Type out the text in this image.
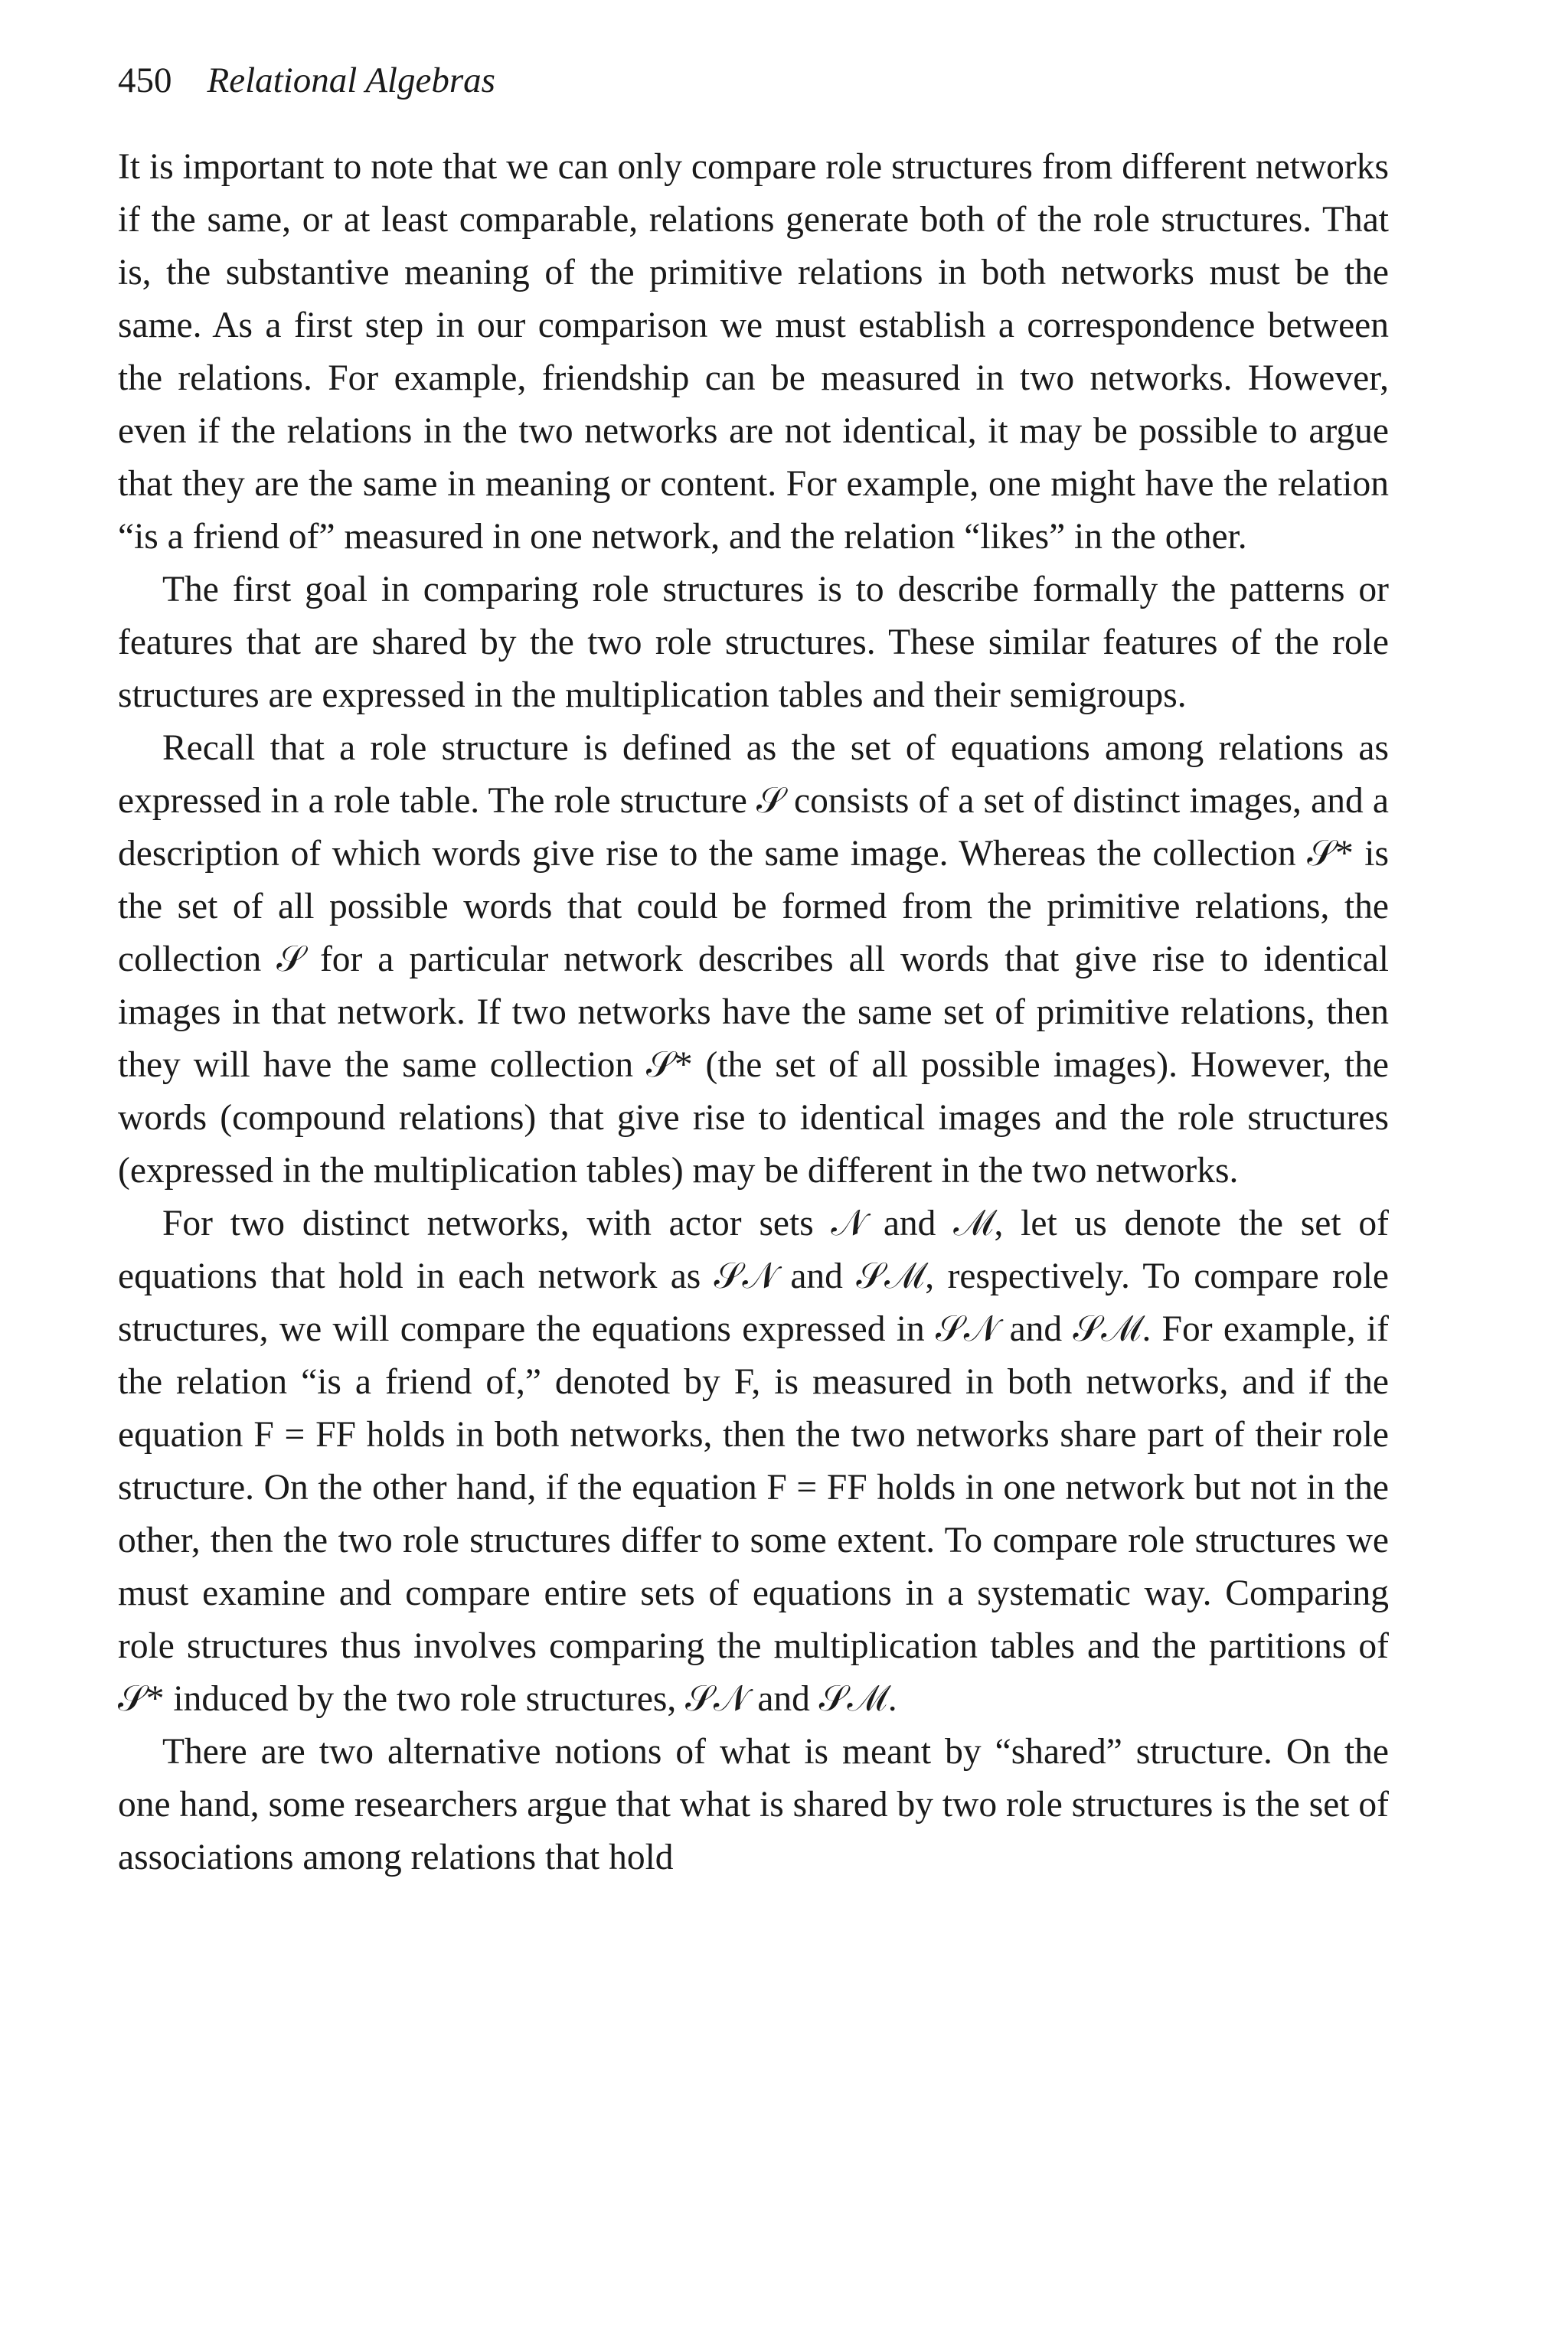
450 Relational Algebras

It is important to note that we can only compare role structures from different networks if the same, or at least comparable, relations generate both of the role structures. That is, the substantive meaning of the primitive relations in both networks must be the same. As a first step in our comparison we must establish a correspondence between the relations. For example, friendship can be measured in two networks. However, even if the relations in the two networks are not identical, it may be possible to argue that they are the same in meaning or content. For example, one might have the relation “is a friend of” measured in one network, and the relation “likes” in the other.

The first goal in comparing role structures is to describe formally the patterns or features that are shared by the two role structures. These similar features of the role structures are expressed in the multiplication tables and their semigroups.

Recall that a role structure is defined as the set of equations among relations as expressed in a role table. The role structure 𝒮 consists of a set of distinct images, and a description of which words give rise to the same image. Whereas the collection 𝒮* is the set of all possible words that could be formed from the primitive relations, the collection 𝒮 for a particular network describes all words that give rise to identical images in that network. If two networks have the same set of primitive relations, then they will have the same collection 𝒮* (the set of all possible images). However, the words (compound relations) that give rise to identical images and the role structures (expressed in the multiplication tables) may be different in the two networks.

For two distinct networks, with actor sets 𝒩 and ℳ, let us denote the set of equations that hold in each network as 𝒮𝒩 and 𝒮ℳ, respectively. To compare role structures, we will compare the equations expressed in 𝒮𝒩 and 𝒮ℳ. For example, if the relation “is a friend of,” denoted by F, is measured in both networks, and if the equation F = FF holds in both networks, then the two networks share part of their role structure. On the other hand, if the equation F = FF holds in one network but not in the other, then the two role structures differ to some extent. To compare role structures we must examine and compare entire sets of equations in a systematic way. Comparing role structures thus involves comparing the multiplication tables and the partitions of 𝒮* induced by the two role structures, 𝒮𝒩 and 𝒮ℳ.

There are two alternative notions of what is meant by “shared” structure. On the one hand, some researchers argue that what is shared by two role structures is the set of associations among relations that hold
